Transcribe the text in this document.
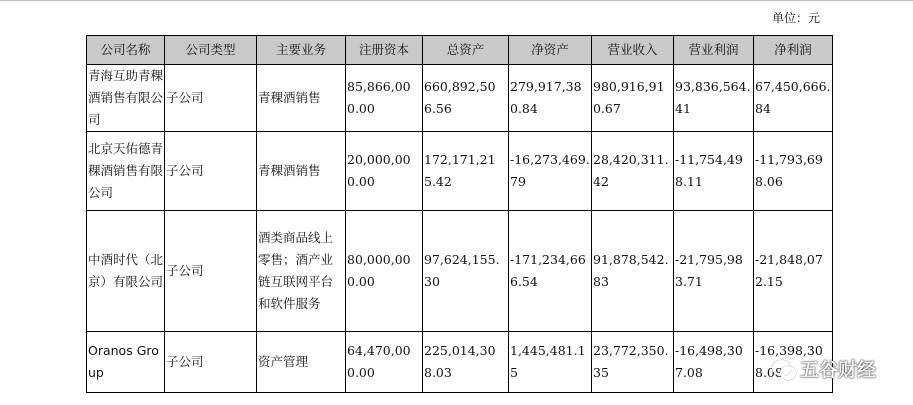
单位：元
公司名称	公司类型	主要业务	注册资本	总资产	净资产	营业收入	营业利润	净利润
青海互助青稞酒销售有限公司	子公司	青稞酒销售	85,866,000.00	660,892,506.56	279,917,380.84	980,916,910.67	93,836,564.41	67,450,666.84
北京天佑德青稞酒销售有限公司	子公司	青稞酒销售	20,000,000.00	172,171,215.42	-16,273,469.79	28,420,311.42	-11,754,498.11	-11,793,698.06
中酒时代（北京）有限公司	子公司	酒类商品线上零售；酒产业链互联网平台和软件服务	80,000,000.00	97,624,155.30	-171,234,666.54	91,878,542.83	-21,795,983.71	-21,848,072.15
Oranos Group	子公司	资产管理	64,470,000.00	225,014,308.03	1,445,481.15	23,772,350.35	-16,498,307.08	-16,398,308.08 五谷财经
